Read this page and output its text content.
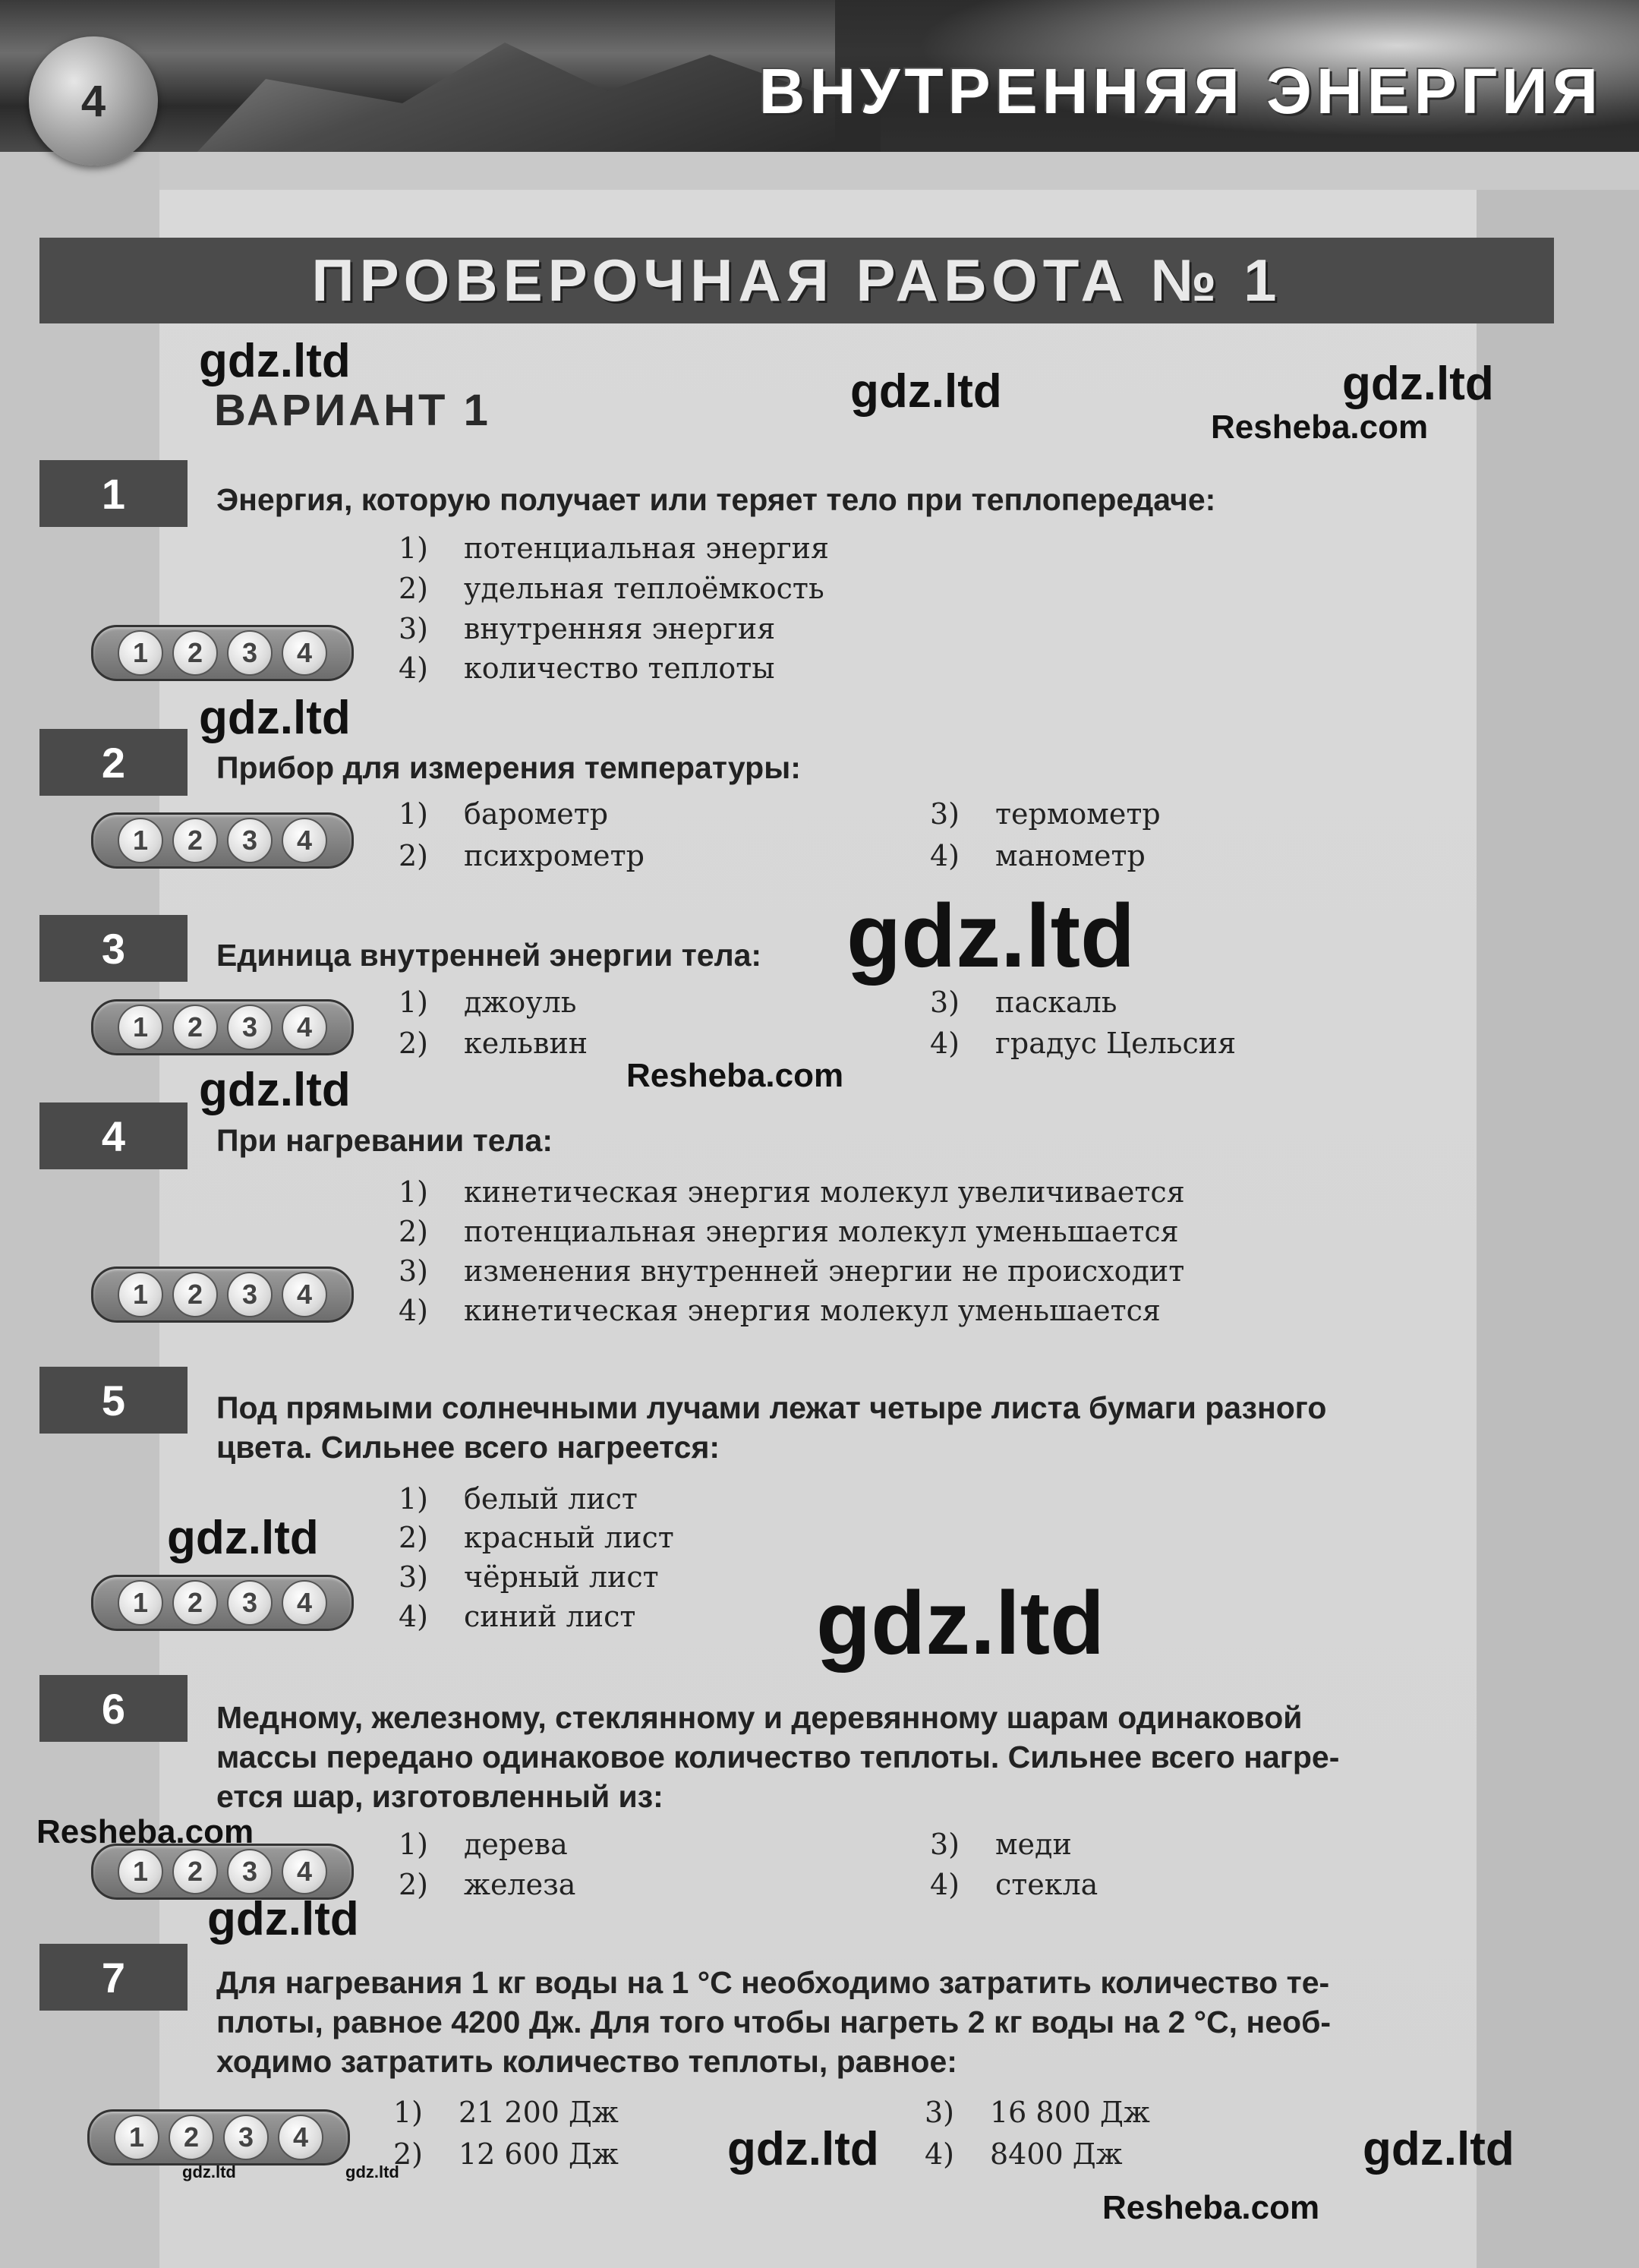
ВНУТРЕННЯЯ ЭНЕРГИЯ
4
ПРОВЕРОЧНАЯ РАБОТА № 1
ВАРИАНТ 1
1	Энергия, которую получает или теряет тело при теплопередаче:
1) потенциальная энергия
2) удельная теплоёмкость
3) внутренняя энергия
4) количество теплоты
1	2	3	4
2	Прибор для измерения температуры:
1) барометр
2) психрометр
3) термометр
4) манометр
1	2	3	4
3	Единица внутренней энергии тела:
1) джоуль
2) кельвин
3) паскаль
4) градус Цельсия
1	2	3	4
4	При нагревании тела:
1) кинетическая энергия молекул увеличивается
2) потенциальная энергия молекул уменьшается
3) изменения внутренней энергии не происходит
4) кинетическая энергия молекул уменьшается
1	2	3	4
5	Под прямыми солнечными лучами лежат четыре листа бумаги разного
цвета. Сильнее всего нагреется:
1) белый лист
2) красный лист
3) чёрный лист
4) синий лист
1	2	3	4
6	Медному, железному, стеклянному и деревянному шарам одинаковой
массы передано одинаковое количество теплоты. Сильнее всего нагре-
ется шар, изготовленный из:
1) дерева
2) железа
3) меди
4) стекла
1	2	3	4
7	Для нагревания 1 кг воды на 1 °С необходимо затратить количество те-
плоты, равное 4200 Дж. Для того чтобы нагреть 2 кг воды на 2 °С, необ-
ходимо затратить количество теплоты, равное:
1) 21 200 Дж
2) 12 600 Дж
3) 16 800 Дж
4) 8400 Дж
1	2	3	4
gdz.ltd
gdz.ltd	gdz.ltd
Resheba.com
gdz.ltd
gdz.ltd
gdz.ltd	Resheba.com
gdz.ltd
gdz.ltd
Resheba.com
gdz.ltd
gdz.ltd	gdz.ltd
Resheba.com
gdz.ltd	gdz.ltd
